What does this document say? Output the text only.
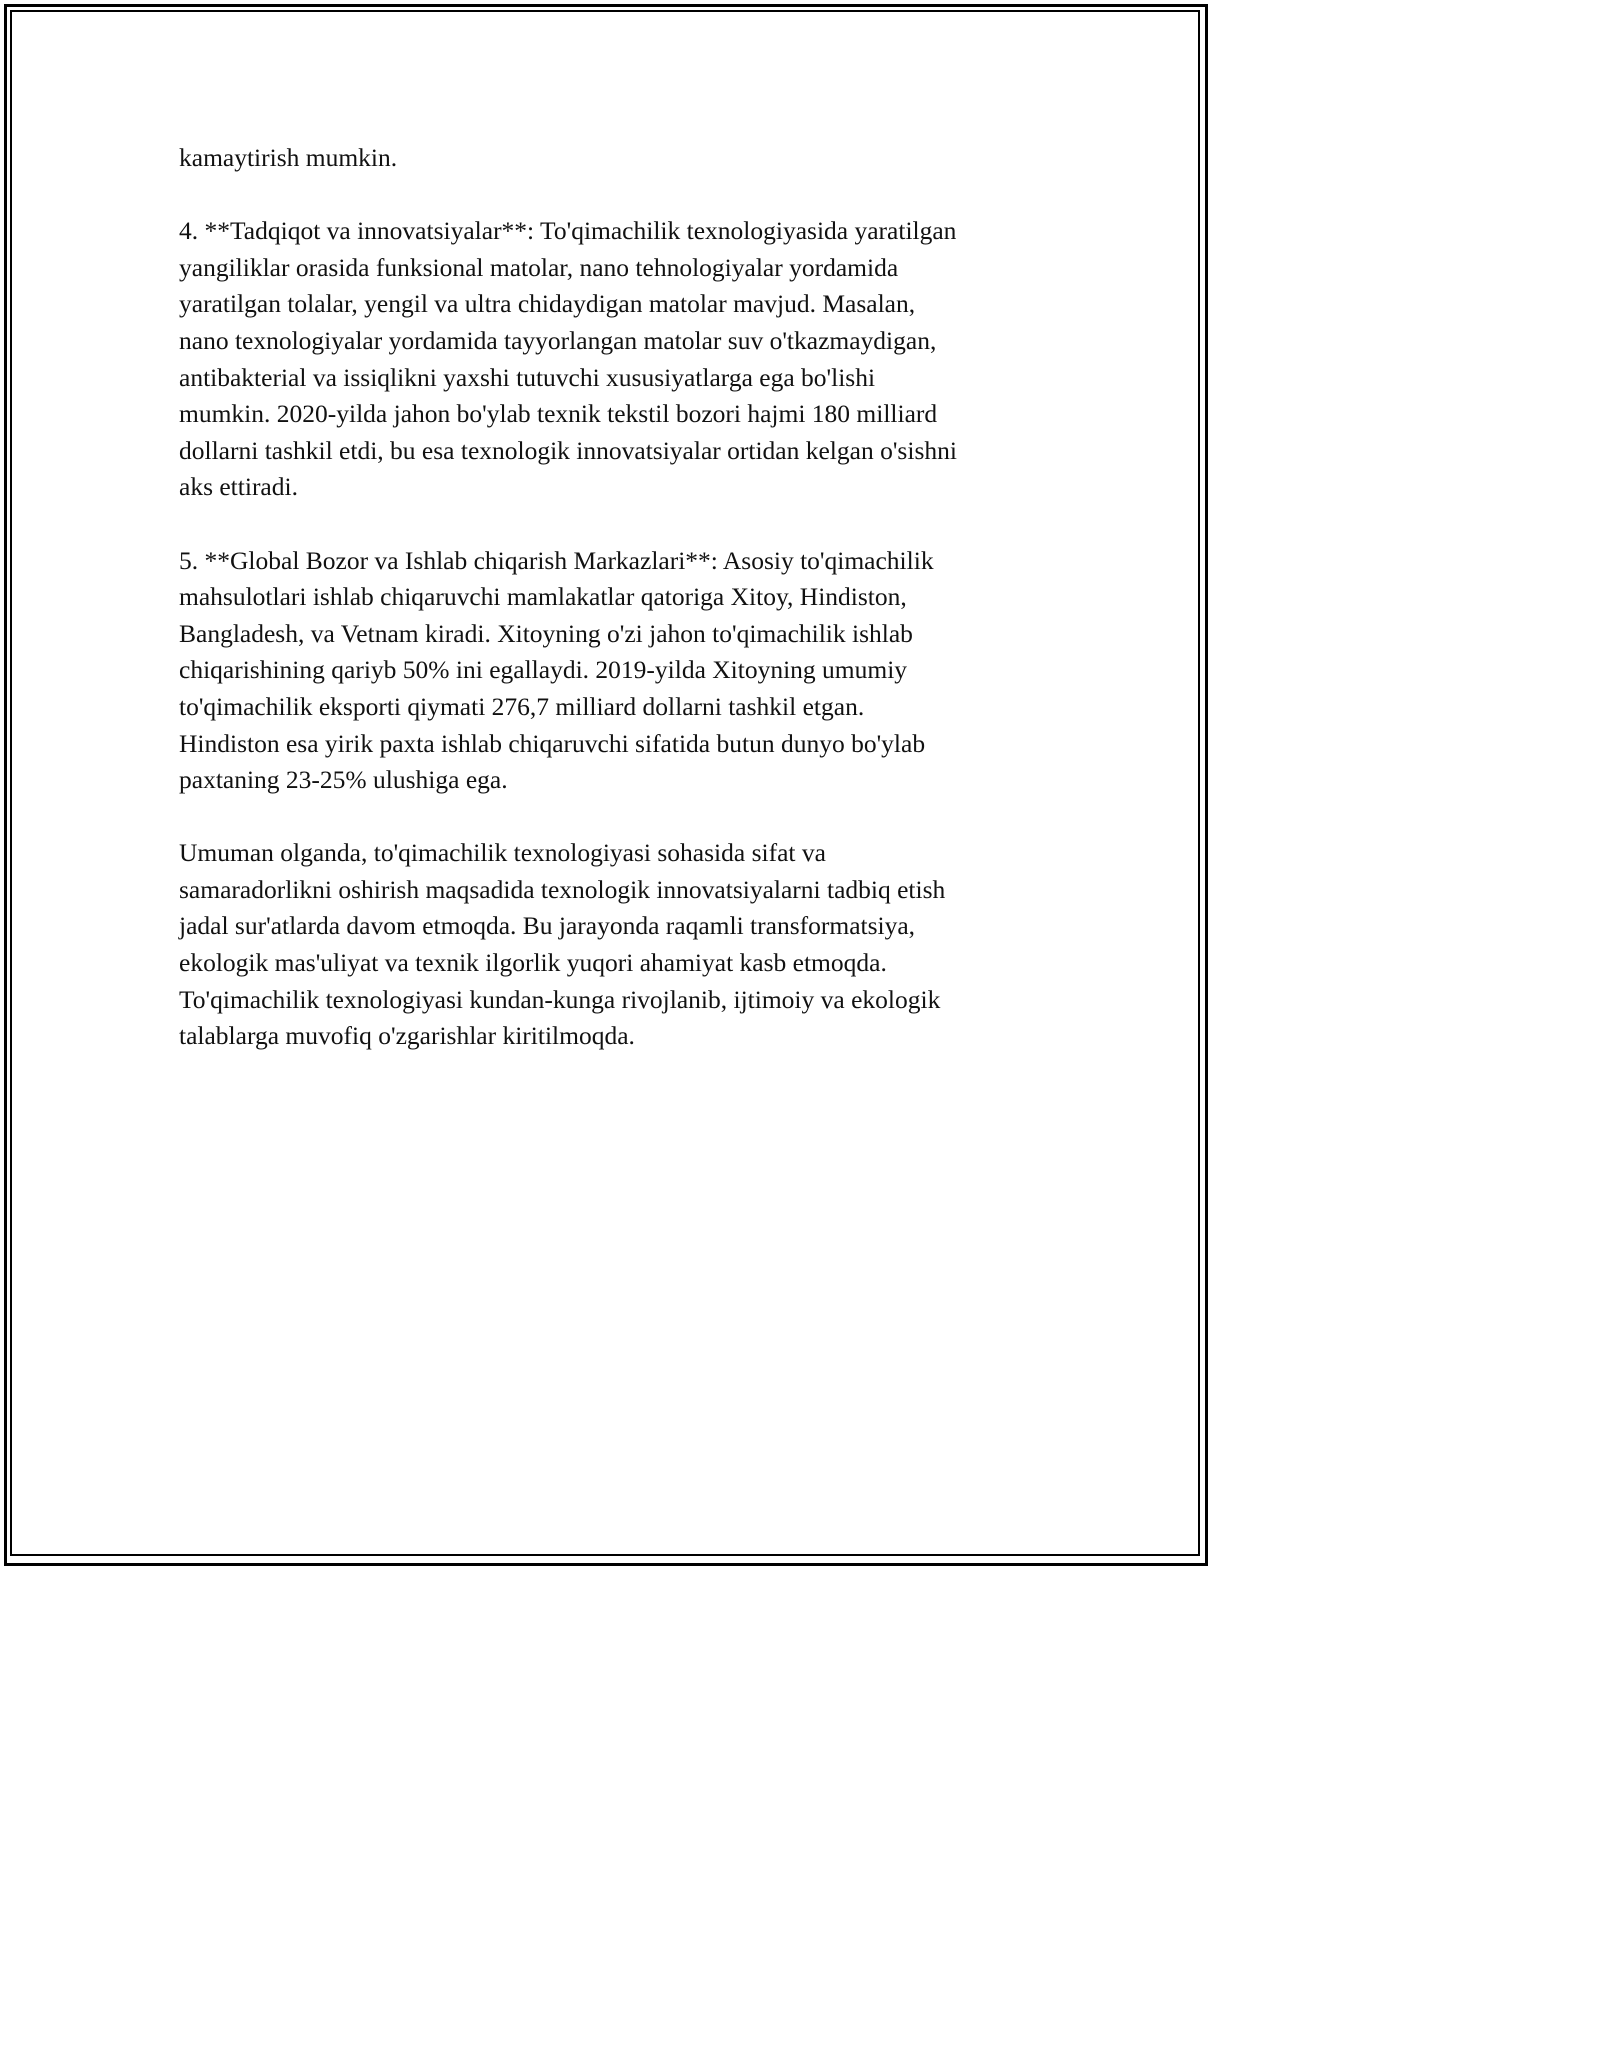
kamaytirish mumkin.

4. **Tadqiqot va innovatsiyalar**: To'qimachilik texnologiyasida yaratilgan
yangiliklar orasida funksional matolar, nano tehnologiyalar yordamida
yaratilgan tolalar, yengil va ultra chidaydigan matolar mavjud. Masalan,
nano texnologiyalar yordamida tayyorlangan matolar suv o'tkazmaydigan,
antibakterial va issiqlikni yaxshi tutuvchi xususiyatlarga ega bo'lishi
mumkin. 2020-yilda jahon bo'ylab texnik tekstil bozori hajmi 180 milliard
dollarni tashkil etdi, bu esa texnologik innovatsiyalar ortidan kelgan o'sishni
aks ettiradi.

5. **Global Bozor va Ishlab chiqarish Markazlari**: Asosiy to'qimachilik
mahsulotlari ishlab chiqaruvchi mamlakatlar qatoriga Xitoy, Hindiston,
Bangladesh, va Vetnam kiradi. Xitoyning o'zi jahon to'qimachilik ishlab
chiqarishining qariyb 50% ini egallaydi. 2019-yilda Xitoyning umumiy
to'qimachilik eksporti qiymati 276,7 milliard dollarni tashkil etgan.
Hindiston esa yirik paxta ishlab chiqaruvchi sifatida butun dunyo bo'ylab
paxtaning 23-25% ulushiga ega.

Umuman olganda, to'qimachilik texnologiyasi sohasida sifat va
samaradorlikni oshirish maqsadida texnologik innovatsiyalarni tadbiq etish
jadal sur'atlarda davom etmoqda. Bu jarayonda raqamli transformatsiya,
ekologik mas'uliyat va texnik ilgorlik yuqori ahamiyat kasb etmoqda.
To'qimachilik texnologiyasi kundan-kunga rivojlanib, ijtimoiy va ekologik
talablarga muvofiq o'zgarishlar kiritilmoqda.
